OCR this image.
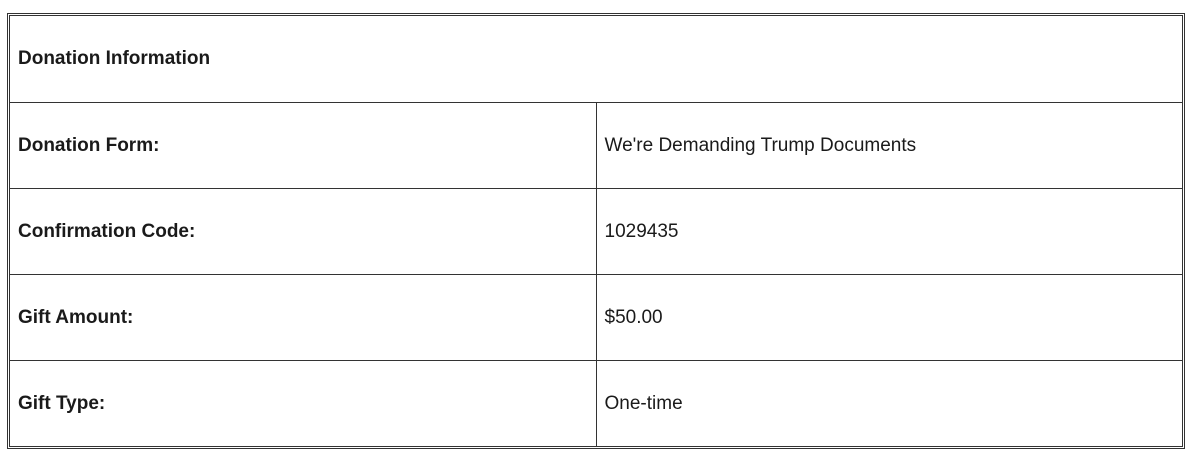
Donation Information	
Donation Form:	We're Demanding Trump Documents
Confirmation Code:	1029435
Gift Amount:	$50.00
Gift Type:	One-time
